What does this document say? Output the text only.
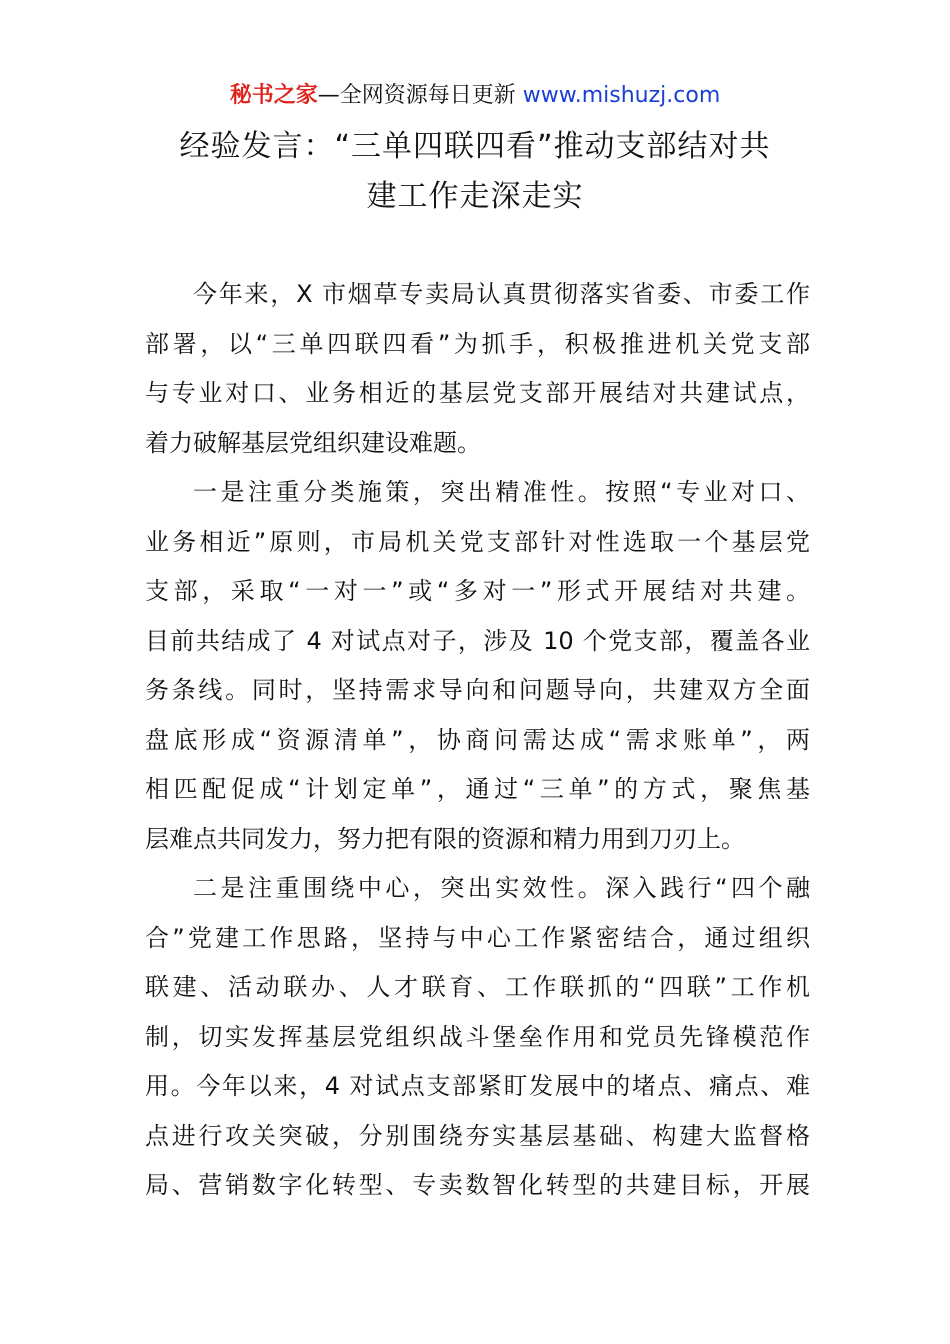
秘书之家—全网资源每日更新 www.mishuzj.com
经验发言：“三单四联四看”推动支部结对共
建工作走深走实
今年来，X 市烟草专卖局认真贯彻落实省委、市委工作
部署，以“三单四联四看”为抓手，积极推进机关党支部
与专业对口、业务相近的基层党支部开展结对共建试点，
着力破解基层党组织建设难题。
一是注重分类施策，突出精准性。按照“专业对口、
业务相近”原则，市局机关党支部针对性选取一个基层党
支部，采取“一对一”或“多对一”形式开展结对共建。
目前共结成了 4 对试点对子，涉及 10 个党支部，覆盖各业
务条线。同时，坚持需求导向和问题导向，共建双方全面
盘底形成“资源清单”，协商问需达成“需求账单”，两
相匹配促成“计划定单”，通过“三单”的方式，聚焦基
层难点共同发力，努力把有限的资源和精力用到刀刃上。
二是注重围绕中心，突出实效性。深入践行“四个融
合”党建工作思路，坚持与中心工作紧密结合，通过组织
联建、活动联办、人才联育、工作联抓的“四联”工作机
制，切实发挥基层党组织战斗堡垒作用和党员先锋模范作
用。今年以来，4 对试点支部紧盯发展中的堵点、痛点、难
点进行攻关突破，分别围绕夯实基层基础、构建大监督格
局、营销数字化转型、专卖数智化转型的共建目标，开展
